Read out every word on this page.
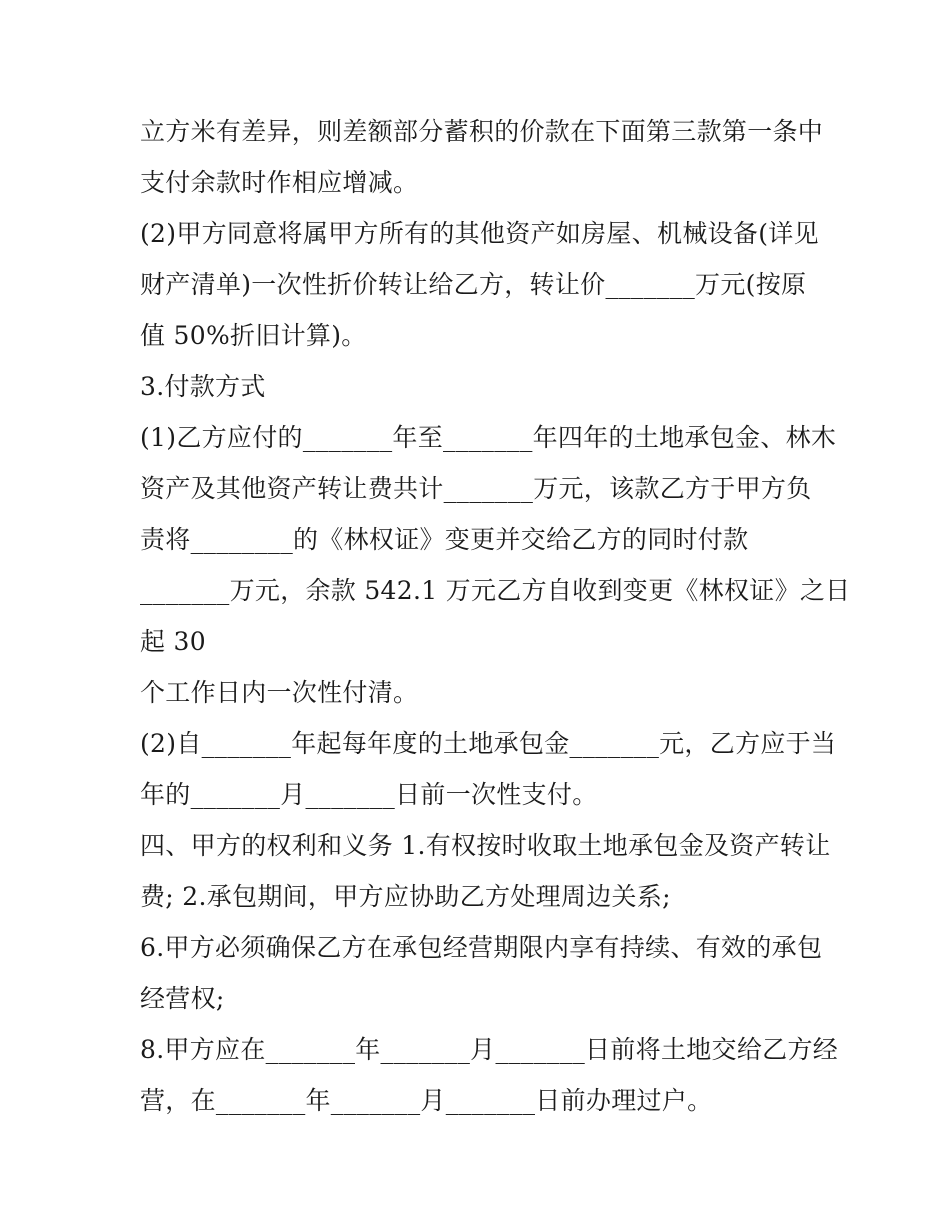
立方米有差异，则差额部分蓄积的价款在下面第三款第一条中
支付余款时作相应增减。
(2)甲方同意将属甲方所有的其他资产如房屋、机械设备(详见
财产清单)一次性折价转让给乙方，转让价_______万元(按原
值 50%折旧计算)。
3.付款方式
(1)乙方应付的_______年至_______年四年的土地承包金、林木
资产及其他资产转让费共计_______万元，该款乙方于甲方负
责将________的《林权证》变更并交给乙方的同时付款
_______万元，余款 542.1 万元乙方自收到变更《林权证》之日
起 30
个工作日内一次性付清。
(2)自_______年起每年度的土地承包金_______元，乙方应于当
年的_______月_______日前一次性支付。
四、甲方的权利和义务 1.有权按时收取土地承包金及资产转让
费; 2.承包期间，甲方应协助乙方处理周边关系;
6.甲方必须确保乙方在承包经营期限内享有持续、有效的承包
经营权;
8.甲方应在_______年_______月_______日前将土地交给乙方经
营，在_______年_______月_______日前办理过户。
